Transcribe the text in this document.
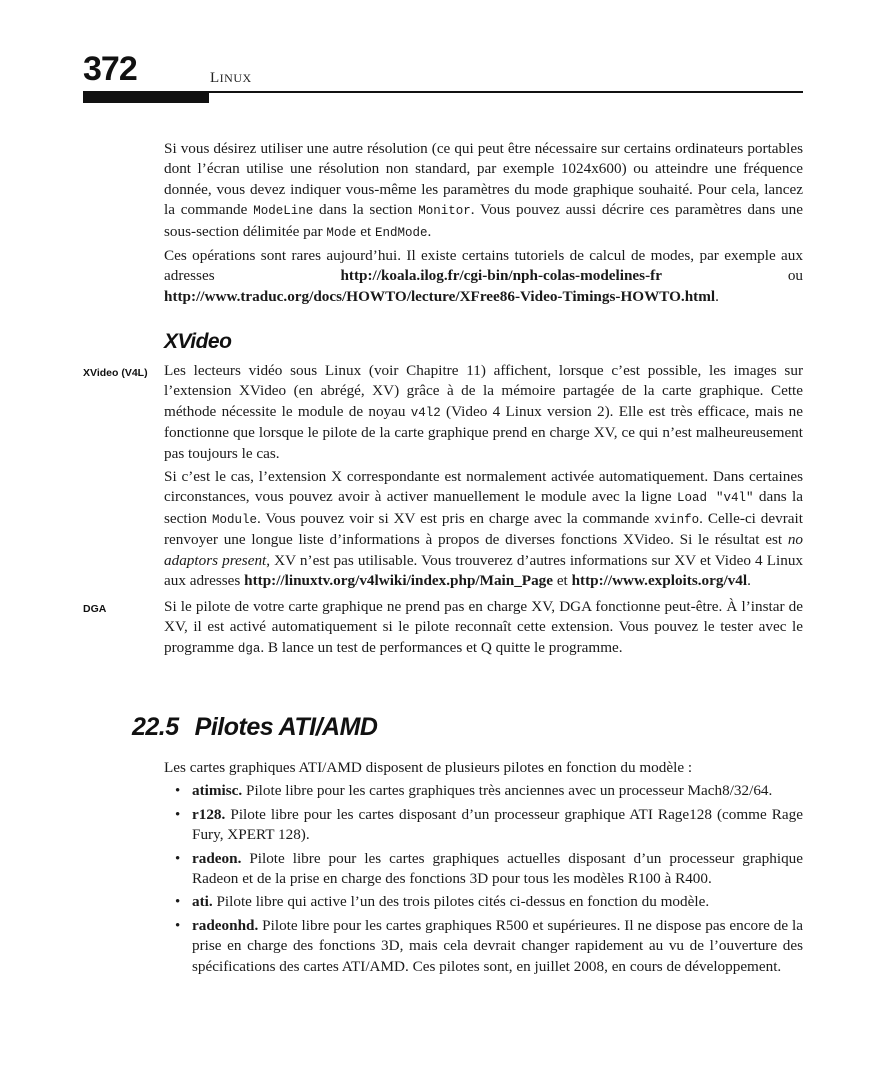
372	LINUX

Si vous désirez utiliser une autre résolution (ce qui peut être nécessaire sur certains ordinateurs portables dont l’écran utilise une résolution non standard, par exemple 1024x600) ou atteindre une fréquence donnée, vous devez indiquer vous-même les paramètres du mode graphique souhaité. Pour cela, lancez la commande ModeLine dans la section Monitor. Vous pouvez aussi décrire ces paramètres dans une sous-section délimitée par Mode et EndMode.

Ces opérations sont rares aujourd’hui. Il existe certains tutoriels de calcul de modes, par exemple aux adresses http://koala.ilog.fr/cgi-bin/nph-colas-modelines-fr ou http://www.traduc.org/docs/HOWTO/lecture/XFree86-Video-Timings-HOWTO.html.

XVideo
XVideo (V4L) Les lecteurs vidéo sous Linux (voir Chapitre 11) affichent, lorsque c’est possible, les images sur l’extension XVideo (en abrégé, XV) grâce à de la mémoire partagée de la carte graphique. Cette méthode nécessite le module de noyau v4l2 (Video 4 Linux version 2). Elle est très efficace, mais ne fonctionne que lorsque le pilote de la carte graphique prend en charge XV, ce qui n’est malheureusement pas toujours le cas.

Si c’est le cas, l’extension X correspondante est normalement activée automatiquement. Dans certaines circonstances, vous pouvez avoir à activer manuellement le module avec la ligne Load "v4l" dans la section Module. Vous pouvez voir si XV est pris en charge avec la commande xvinfo. Celle-ci devrait renvoyer une longue liste d’informations à propos de diverses fonctions XVideo. Si le résultat est no adaptors present, XV n’est pas utilisable. Vous trouverez d’autres informations sur XV et Video 4 Linux aux adresses http://linuxtv.org/v4lwiki/index.php/Main_Page et http://www.exploits.org/v4l.

DGA	Si le pilote de votre carte graphique ne prend pas en charge XV, DGA fonctionne peut-être. À l’instar de XV, il est activé automatiquement si le pilote reconnaît cette extension. Vous pouvez le tester avec le programme dga. B lance un test de performances et Q quitte le programme.

22.5 Pilotes ATI/AMD

Les cartes graphiques ATI/AMD disposent de plusieurs pilotes en fonction du modèle :

• atimisc. Pilote libre pour les cartes graphiques très anciennes avec un processeur Mach8/32/64.
• r128. Pilote libre pour les cartes disposant d’un processeur graphique ATI Rage128 (comme Rage Fury, XPERT 128).
• radeon. Pilote libre pour les cartes graphiques actuelles disposant d’un processeur graphique Radeon et de la prise en charge des fonctions 3D pour tous les modèles R100 à R400.
• ati. Pilote libre qui active l’un des trois pilotes cités ci-dessus en fonction du modèle.
• radeonhd. Pilote libre pour les cartes graphiques R500 et supérieures. Il ne dispose pas encore de la prise en charge des fonctions 3D, mais cela devrait changer rapidement au vu de l’ouverture des spécifications des cartes ATI/AMD. Ces pilotes sont, en juillet 2008, en cours de développement.
